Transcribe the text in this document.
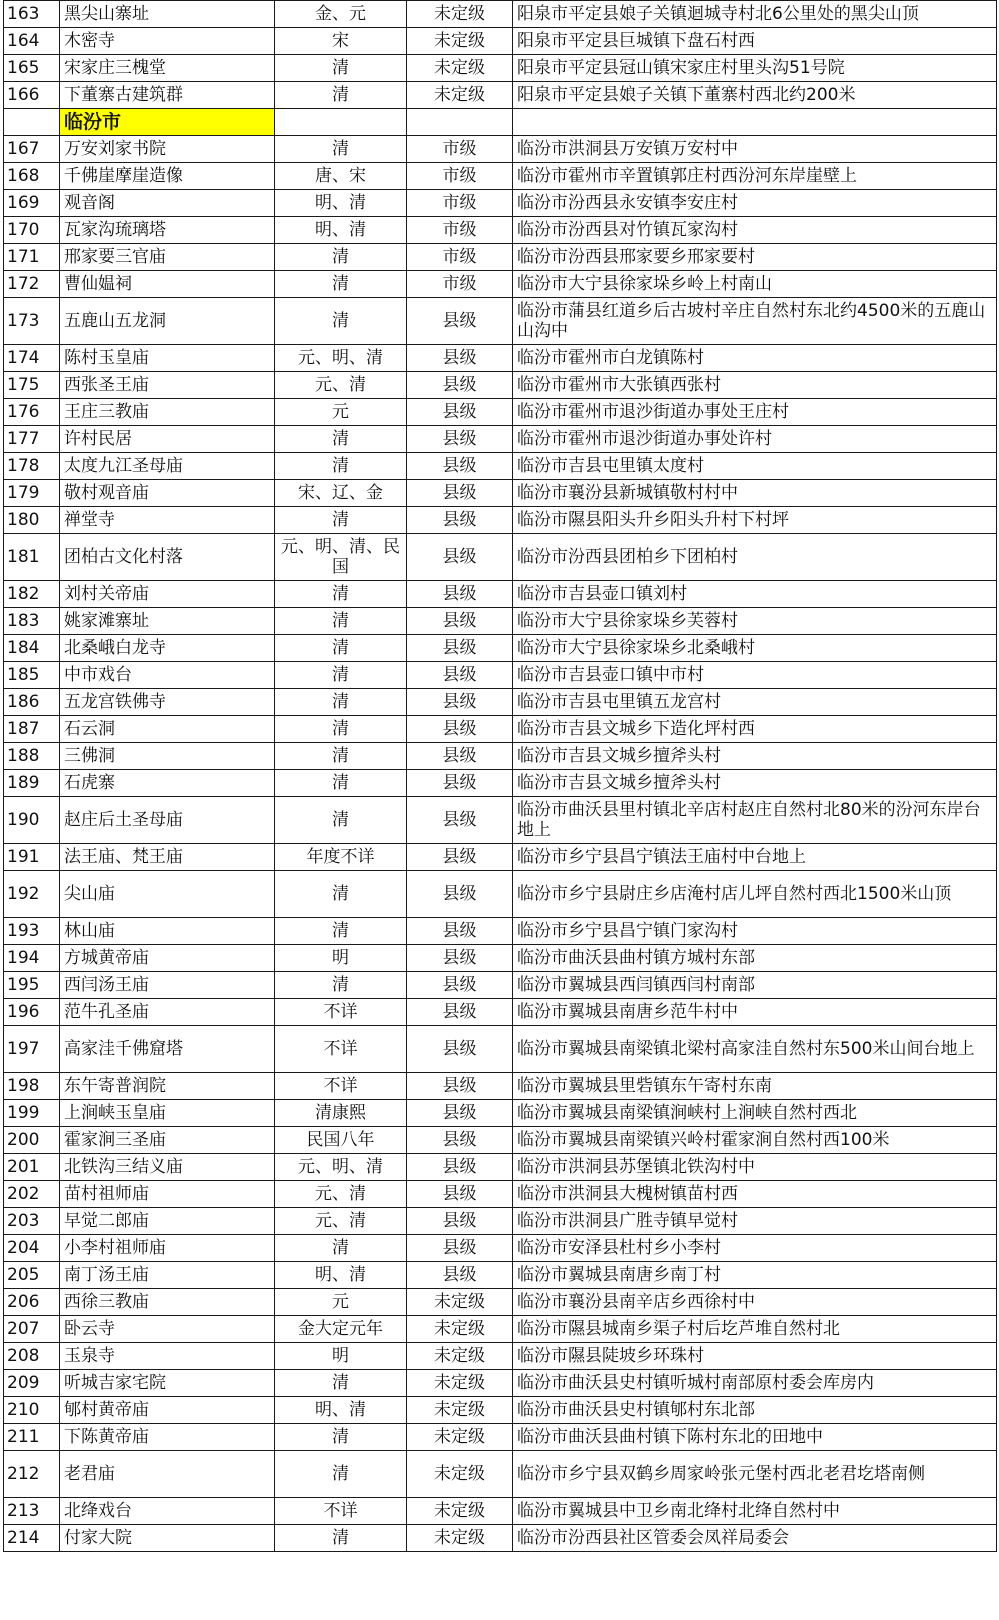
163	黑尖山寨址	金、元	未定级	阳泉市平定县娘子关镇迴城寺村北6公里处的黑尖山顶
164	木密寺	宋	未定级	阳泉市平定县巨城镇下盘石村西
165	宋家庄三槐堂	清	未定级	阳泉市平定县冠山镇宋家庄村里头沟51号院
166	下董寨古建筑群	清	未定级	阳泉市平定县娘子关镇下董寨村西北约200米
	临汾市			
167	万安刘家书院	清	市级	临汾市洪洞县万安镇万安村中
168	千佛崖摩崖造像	唐、宋	市级	临汾市霍州市辛置镇郭庄村西汾河东岸崖壁上
169	观音阁	明、清	市级	临汾市汾西县永安镇李安庄村
170	瓦家沟琉璃塔	明、清	市级	临汾市汾西县对竹镇瓦家沟村
171	邢家要三官庙	清	市级	临汾市汾西县邢家要乡邢家要村
172	曹仙媪祠	清	市级	临汾市大宁县徐家垛乡岭上村南山
173	五鹿山五龙洞	清	县级	临汾市蒲县红道乡后古坡村辛庄自然村东北约4500米的五鹿山山沟中
174	陈村玉皇庙	元、明、清	县级	临汾市霍州市白龙镇陈村
175	西张圣王庙	元、清	县级	临汾市霍州市大张镇西张村
176	王庄三教庙	元	县级	临汾市霍州市退沙街道办事处王庄村
177	许村民居	清	县级	临汾市霍州市退沙街道办事处许村
178	太度九江圣母庙	清	县级	临汾市吉县屯里镇太度村
179	敬村观音庙	宋、辽、金	县级	临汾市襄汾县新城镇敬村村中
180	禅堂寺	清	县级	临汾市隰县阳头升乡阳头升村下村坪
181	团柏古文化村落	元、明、清、民国	县级	临汾市汾西县团柏乡下团柏村
182	刘村关帝庙	清	县级	临汾市吉县壶口镇刘村
183	姚家滩寨址	清	县级	临汾市大宁县徐家垛乡芙蓉村
184	北桑峨白龙寺	清	县级	临汾市大宁县徐家垛乡北桑峨村
185	中市戏台	清	县级	临汾市吉县壶口镇中市村
186	五龙宫铁佛寺	清	县级	临汾市吉县屯里镇五龙宫村
187	石云洞	清	县级	临汾市吉县文城乡下造化坪村西
188	三佛洞	清	县级	临汾市吉县文城乡擅斧头村
189	石虎寨	清	县级	临汾市吉县文城乡擅斧头村
190	赵庄后土圣母庙	清	县级	临汾市曲沃县里村镇北辛店村赵庄自然村北80米的汾河东岸台地上
191	法王庙、梵王庙	年度不详	县级	临汾市乡宁县昌宁镇法王庙村中台地上
192	尖山庙	清	县级	临汾市乡宁县尉庄乡店淹村店儿坪自然村西北1500米山顶
193	林山庙	清	县级	临汾市乡宁县昌宁镇门家沟村
194	方城黄帝庙	明	县级	临汾市曲沃县曲村镇方城村东部
195	西闫汤王庙	清	县级	临汾市翼城县西闫镇西闫村南部
196	范牛孔圣庙	不详	县级	临汾市翼城县南唐乡范牛村中
197	高家洼千佛窟塔	不详	县级	临汾市翼城县南梁镇北梁村高家洼自然村东500米山间台地上
198	东午寄普润院	不详	县级	临汾市翼城县里砦镇东午寄村东南
199	上涧峡玉皇庙	清康熙	县级	临汾市翼城县南梁镇涧峡村上涧峡自然村西北
200	霍家涧三圣庙	民国八年	县级	临汾市翼城县南梁镇兴岭村霍家涧自然村西100米
201	北铁沟三结义庙	元、明、清	县级	临汾市洪洞县苏堡镇北铁沟村中
202	苗村祖师庙	元、清	县级	临汾市洪洞县大槐树镇苗村西
203	早觉二郎庙	元、清	县级	临汾市洪洞县广胜寺镇早觉村
204	小李村祖师庙	清	县级	临汾市安泽县杜村乡小李村
205	南丁汤王庙	明、清	县级	临汾市翼城县南唐乡南丁村
206	西徐三教庙	元	未定级	临汾市襄汾县南辛店乡西徐村中
207	卧云寺	金大定元年	未定级	临汾市隰县城南乡渠子村后圪芦堆自然村北
208	玉泉寺	明	未定级	临汾市隰县陡坡乡环珠村
209	听城吉家宅院	清	未定级	临汾市曲沃县史村镇听城村南部原村委会库房内
210	郇村黄帝庙	明、清	未定级	临汾市曲沃县史村镇郇村东北部
211	下陈黄帝庙	清	未定级	临汾市曲沃县曲村镇下陈村东北的田地中
212	老君庙	清	未定级	临汾市乡宁县双鹤乡周家岭张元堡村西北老君圪塔南侧
213	北绛戏台	不详	未定级	临汾市翼城县中卫乡南北绛村北绛自然村中
214	付家大院	清	未定级	临汾市汾西县社区管委会凤祥局委会
